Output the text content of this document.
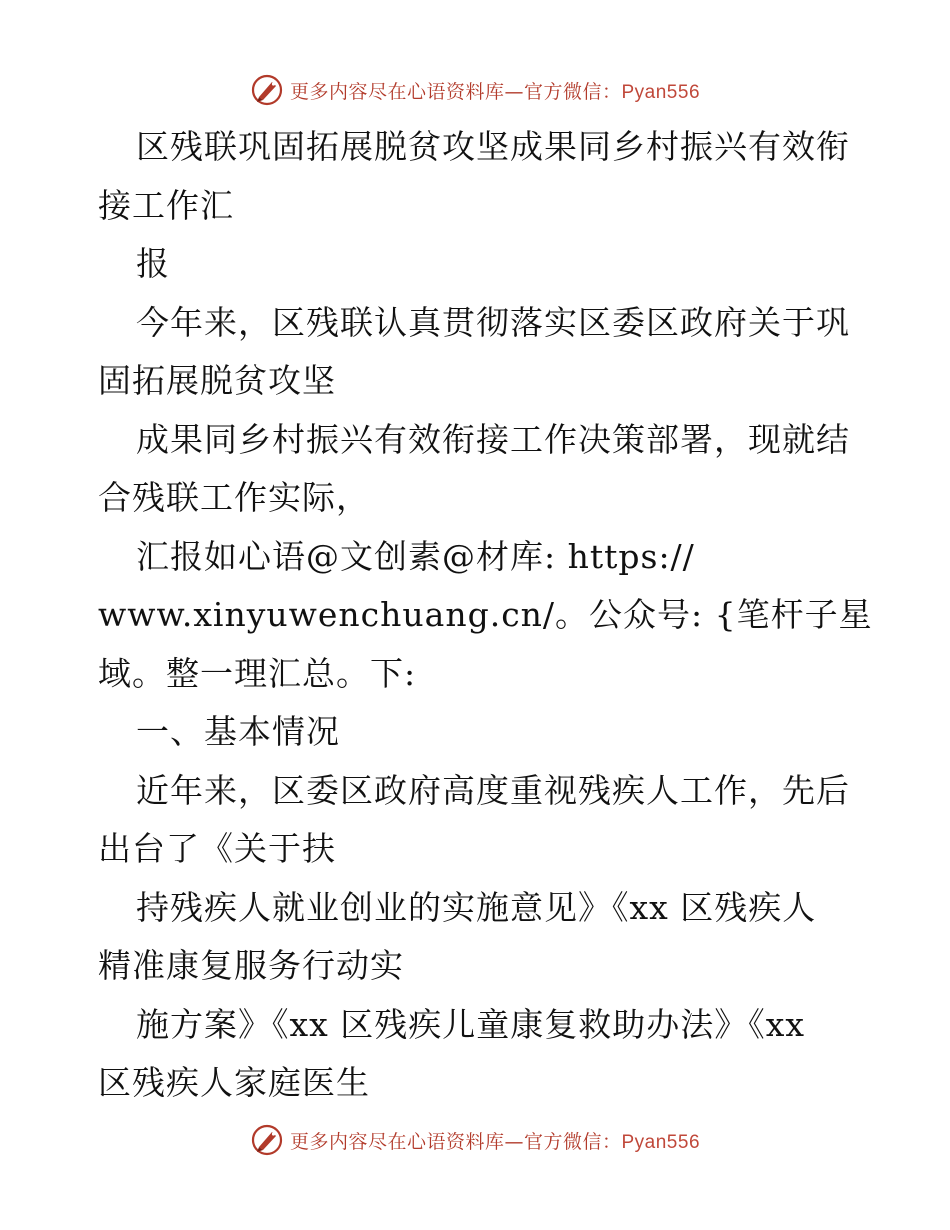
更多内容尽在心语资料库—官方微信：Pyan556
区残联巩固拓展脱贫攻坚成果同乡村振兴有效衔
接工作汇
报
今年来，区残联认真贯彻落实区委区政府关于巩
固拓展脱贫攻坚
成果同乡村振兴有效衔接工作决策部署，现就结
合残联工作实际，
汇报如心语@文创素@材库: https://
www.xinyuwenchuang.cn/。公众号: {笔杆子星
域。整一理汇总。下:
一、基本情况
近年来，区委区政府高度重视残疾人工作，先后
出台了《关于扶
持残疾人就业创业的实施意见》《xx 区残疾人
精准康复服务行动实
施方案》《xx 区残疾儿童康复救助办法》《xx
区残疾人家庭医生
更多内容尽在心语资料库—官方微信：Pyan556
